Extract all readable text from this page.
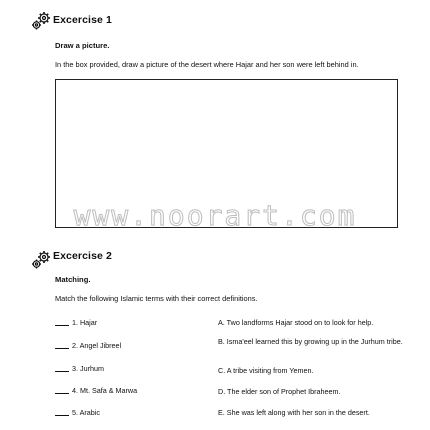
Excercise 1
Draw a picture.
In the box provided, draw a picture of the desert where Hajar and her son were left behind in.
www.noorart.com
Excercise 2
Matching.
Match the following Islamic terms with their correct definitions.
1. Hajar
2. Angel Jibreel
3. Jurhum
4. Mt. Safa & Marwa
5. Arabic
A. Two landforms Hajar stood on to look for help.
B. Isma'eel learned this by growing up in the Jurhum tribe.
C. A tribe visiting from Yemen.
D. The elder son of Prophet Ibraheem.
E. She was left along with her son in the desert.
